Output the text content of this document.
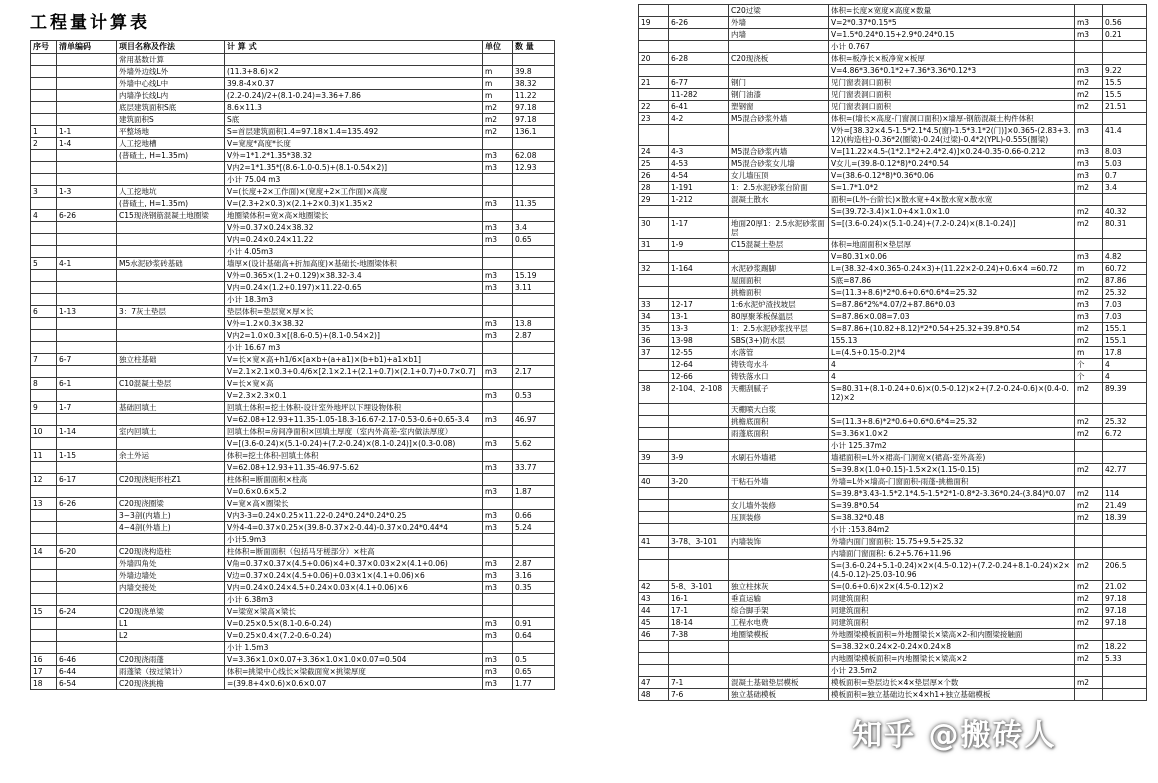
工程量计算表
序号	清单编码	项目名称及作法	计 算 式	单位	数 量
		常用基数计算			
		外墙外边线L外	(11.3+8.6)×2	m	39.8
		外墙中心线L中	39.8-4×0.37	m	38.32
		内墙净长线L内	(2.2-0.24)/2+(8.1-0.24)=3.36+7.86	m	11.22
		底层建筑面积S底	8.6×11.3	m2	97.18
		建筑面积S	S底	m2	97.18
1	1-1	平整场地	S=首层建筑面积1.4=97.18×1.4=135.492	m2	136.1
2	1-4	人工挖地槽	V=宽度*高度*长度		
		(普碴土, H=1.35m)	V外=1*1.2*1.35*38.32	m3	62.08
			V内2=1*1.35*[(8.6-1.0-0.5)+(8.1-0.54×2)]	m3	12.93
			小计 75.04 m3		
3	1-3	人工挖地坑	V=(长度+2×工作面)×(宽度+2×工作面)×高度		
		(普碴土, H=1.35m)	V=(2.3+2×0.3)×(2.1+2×0.3)×1.35×2	m3	11.35
4	6-26	C15现浇钢筋混凝土地圈梁	地圈梁体积=宽×高×地圈梁长		
			V外=0.37×0.24×38.32	m3	3.4
			V内=0.24×0.24×11.22	m3	0.65
			小计 4.05m3		
5	4-1	M5水泥砂浆砖基础	墙厚×(设计基础高+折加高度)×基础长-地圈梁体积		
			V外=0.365×(1.2+0.129)×38.32-3.4	m3	15.19
			V内=0.24×(1.2+0.197)×11.22-0.65	m3	3.11
			小计 18.3m3		
6	1-13	3：7灰土垫层	垫层体积=垫层宽×厚×长		
			V外=1.2×0.3×38.32	m3	13.8
			V内2=1.0×0.3×[(8.6-0.5)+(8.1-0.54×2)]	m3	2.87
			小计 16.67 m3		
7	6-7	独立柱基础	V=长×宽×高+h1/6×[a×b+(a+a1)×(b+b1)+a1×b1]		
			V=2.1×2.1×0.3+0.4/6×[2.1×2.1+(2.1+0.7)×(2.1+0.7)+0.7×0.7]	m3	2.17
8	6-1	C10混凝土垫层	V=长×宽×高		
			V=2.3×2.3×0.1	m3	0.53
9	1-7	基础回填土	回填土体积=挖土体积-设计室外地坪以下埋设物体积		
			V=62.08+12.93+11.35-1.05-18.3-16.67-2.17-0.53-0.6+0.65-3.4	m3	46.97
10	1-14	室内回填土	回填土体积=房间净面积×回填土厚度（室内外高差-室内做法厚度）		
			V=[(3.6-0.24)×(5.1-0.24)+(7.2-0.24)×(8.1-0.24)]×(0.3-0.08)	m3	5.62
11	1-15	余土外运	体积=挖土体积-回填土体积		
			V=62.08+12.93+11.35-46.97-5.62	m3	33.77
12	6-17	C20现浇矩形柱Z1	柱体积=断面面积×柱高		
			V=0.6×0.6×5.2	m3	1.87
13	6-26	C20现浇圈梁	V=宽×高×圈梁长		
		3~3剖(内墙上)	V内3-3=0.24×0.25×11.22-0.24*0.24*0.24*0.25	m3	0.66
		4~4剖(外墙上)	V外4-4=0.37×0.25×(39.8-0.37×2-0.44)-0.37×0.24*0.44*4	m3	5.24
			小计5.9m3		
14	6-20	C20现浇构造柱	柱体积=断面面积（包括马牙槎部分）×柱高		
		外墙四角处	V角=0.37×0.37×(4.5+0.06)×4+0.37×0.03×2×(4.1+0.06)	m3	2.87
		外墙边墙处	V边=0.37×0.24×(4.5+0.06)+0.03×1×(4.1+0.06)×6	m3	3.16
		内墙交接处	V内=0.24×0.24×4.5+0.24×0.03×(4.1+0.06)×6	m3	0.35
			小计 6.38m3		
15	6-24	C20现浇单梁	V=梁宽×梁高×梁长		
		L1	V=0.25×0.5×(8.1-0.6-0.24)	m3	0.91
		L2	V=0.25×0.4×(7.2-0.6-0.24)	m3	0.64
			小计 1.5m3		
16	6-46	C20现浇雨蓬	V=3.36×1.0×0.07+3.36×1.0×1.0×0.07=0.504	m3	0.5
17	6-44	雨蓬梁（按过梁计）	体积=挑梁中心线长×梁截面宽×挑梁厚度	m3	0.65
18	6-54	C20现浇挑檐	=(39.8+4×0.6)×0.6×0.07	m3	1.77
		C20过梁	体积=长度×宽度×高度×数量		
19	6-26	外墙	V=2*0.37*0.15*5	m3	0.56
		内墙	V=1.5*0.24*0.15+2.9*0.24*0.15	m3	0.21
			小计 0.767		
20	6-28	C20现浇板	体积=板净长×板净宽×板厚		
			V=4.86*3.36*0.1*2+7.36*3.36*0.12*3	m3	9.22
21	6-77	钢门	见门窗表洞口面积	m2	15.5
	11-282	钢门油漆	见门窗表洞口面积	m2	15.5
22	6-41	塑钢窗	见门窗表洞口面积	m2	21.51
23	4-2	M5混合砂浆外墙	体积=(墙长×高度-门窗洞口面积)×墙厚-钢筋混凝土构件体积		
			V外=[38.32×4.5-1.5*2.1*4.5(窗)-1.5*3.1*2(门)]×0.365-(2.83+3.12)(构造柱)-0.36*2(圈梁)-0.24(过梁)-0.4*2(YPL)-0.555(圈梁)	m3	41.4
24	4-3	M5混合砂浆内墙	V=[11.22×4.5-(1*2.1*2+2.4*2.4)]×0.24-0.35-0.66-0.212	m3	8.03
25	4-53	M5混合砂浆女儿墙	V女儿=(39.8-0.12*8)*0.24*0.54	m3	5.03
26	4-54	女儿墙压顶	V=(38.6-0.12*8)*0.36*0.06	m3	0.7
28	1-191	1：2.5水泥砂浆台阶面	S=1.7*1.0*2	m2	3.4
29	1-212	混凝土散水	面积=(L外-台阶长)×散水宽+4×散水宽×散水宽		
			S=(39.72-3.4)×1.0+4×1.0×1.0	m2	40.32
30	1-17	地面20厚1：2.5水泥砂浆面层	S=[(3.6-0.24)×(5.1-0.24)+(7.2-0.24)×(8.1-0.24)]	m2	80.31
31	1-9	C15混凝土垫层	体积=地面面积×垫层厚		
			V=80.31×0.06	m3	4.82
32	1-164	水泥砂浆踢脚	L=(38.32-4×0.365-0.24×3)+(11.22×2-0.24)+0.6×4 =60.72	m	60.72
		屋面面积	S底=87.86	m2	87.86
		挑檐面积	S=(11.3+8.6)*2*0.6+0.6*0.6*4=25.32	m2	25.32
33	12-17	1:6水泥炉渣找坡层	S=87.86*2%*4.07/2+87.86*0.03	m3	7.03
34	13-1	80厚聚苯板保温层	S=87.86×0.08=7.03	m3	7.03
35	13-3	1：2.5水泥砂浆找平层	S=87.86+(10.82+8.12)*2*0.54+25.32+39.8*0.54	m2	155.1
36	13-98	SBS(3+)防水层	155.13	m2	155.1
37	12-55	水落管	L=(4.5+0.15-0.2)*4	m	17.8
	12-64	铸铁弯水斗	4	个	4
	12-66	铸铁落水口	4	个	4
38	2-104、2-108	天棚刮腻子	S=80.31+(8.1-0.24+0.6)×(0.5-0.12)×2+(7.2-0.24-0.6)×(0.4-0.12)×2	m2	89.39
		天棚喷大白浆			
		挑檐底面积	S=(11.3+8.6)*2*0.6+0.6*0.6*4=25.32	m2	25.32
		雨蓬底面积	S=3.36×1.0×2	m2	6.72
			小计 125.37m2		
39	3-9	水刷石外墙裙	墙裙面积=L外×裙高-门洞宽×(裙高-室外高差)		
			S=39.8×(1.0+0.15)-1.5×2×(1.15-0.15)	m2	42.77
40	3-20	干粘石外墙	外墙=L外×墙高-门窗面积-雨蓬-挑檐面积		
			S=39.8*3.43-1.5*2.1*4.5-1.5*2*1-0.8*2-3.36*0.24-(3.84)*0.07	m2	114
		女儿墙外装修	S=39.8*0.54	m2	21.49
		压顶装修	S=38.32*0.48	m2	18.39
			小计 :153.84m2		
41	3-78、3-101	内墙装饰	外墙内面门窗面积: 15.75+9.5+25.32		
			内墙面门窗面积: 6.2+5.76+11.96		
			S=(3.6-0.24+5.1-0.24)×2×(4.5-0.12)+(7.2-0.24+8.1-0.24)×2×(4.5-0.12)-25.03-10.96	m2	206.5
42	5-8、3-101	独立柱抹灰	S=(0.6+0.6)×2×(4.5-0.12)×2	m2	21.02
43	16-1	垂直运输	同建筑面积	m2	97.18
44	17-1	综合脚手架	同建筑面积	m2	97.18
45	18-14	工程水电费	同建筑面积	m2	97.18
46	7-38	地圈梁模板	外地圈梁模板面积=外地圈梁长×梁高×2-和内圈梁接触面		
			S=38.32×0.24×2-0.24×0.24×8	m2	18.22
			内地圈梁模板面积=内地圈梁长×梁高×2	m2	5.33
			小计 23.5m2		
47	7-1	混凝土基础垫层模板	模板面积=垫层边长×4×垫层厚×个数	m2	
48	7-6	独立基础模板	模板面积=独立基础边长×4×h1+独立基础模板		
知乎 @搬砖人
